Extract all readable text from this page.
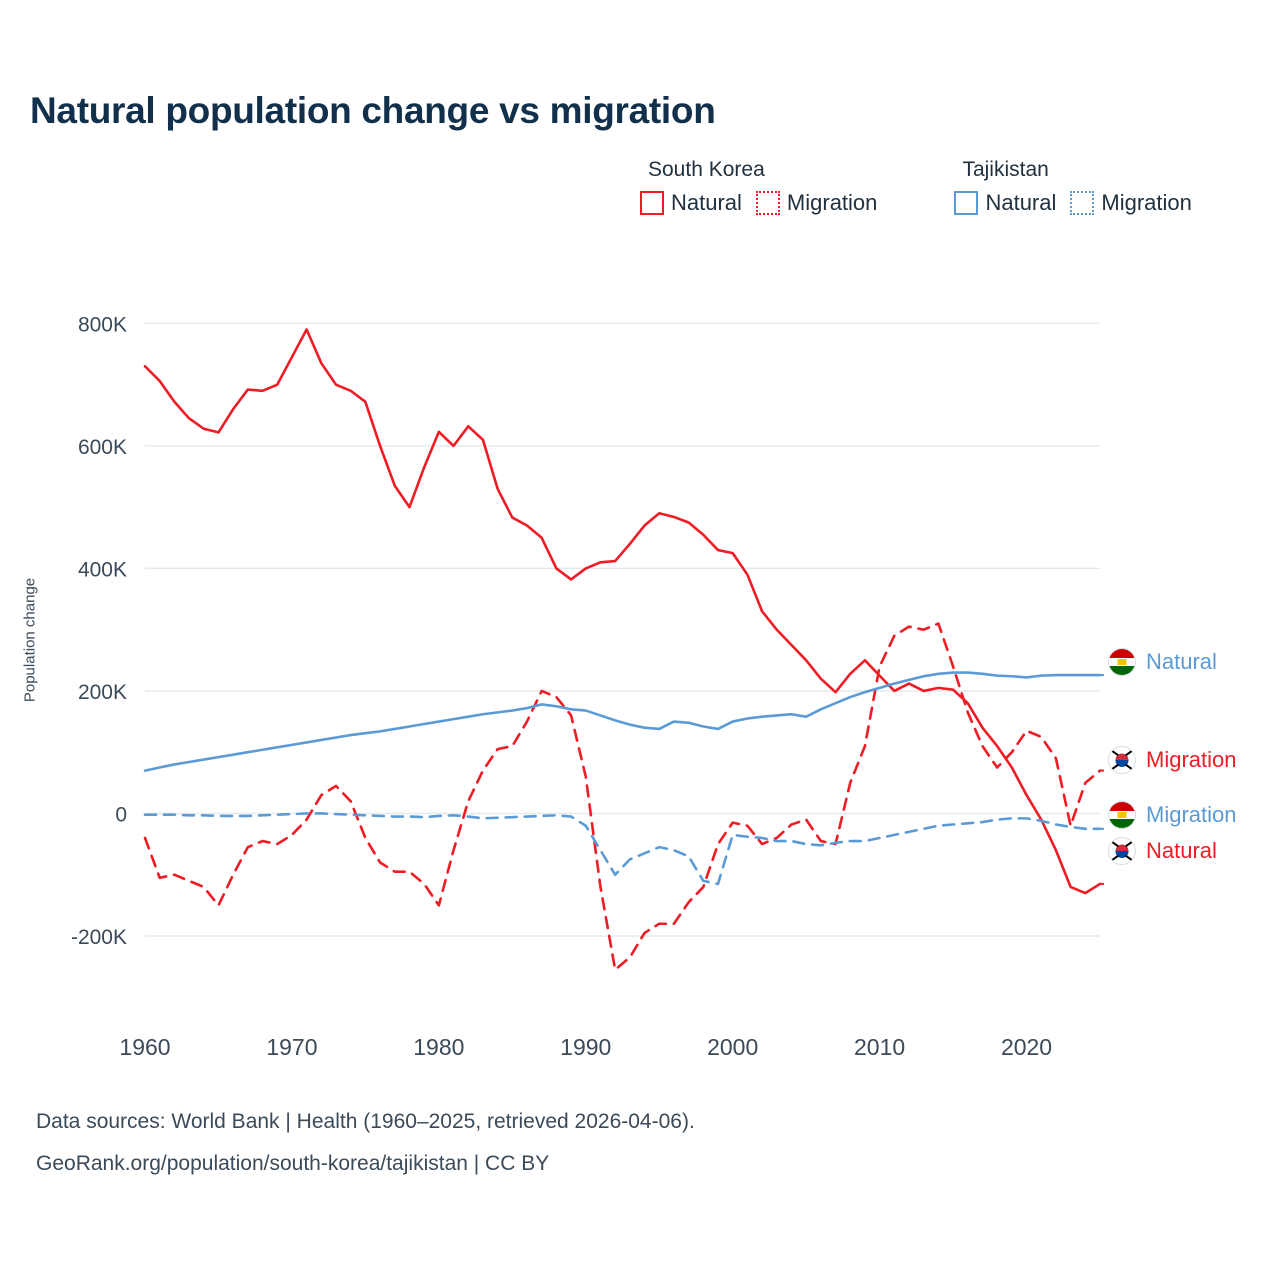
Natural population change vs migration
South Korea
Natural Migration

Tajikistan
Natural Migration
Population change
-200K
0
200K
400K
600K
800K
1960	1970	1980	1990	2000	2010	2020
Natural
Migration
Migration
Natural
Data sources: World Bank | Health (1960–2025, retrieved 2026-04-06).
GeoRank.org/population/south-korea/tajikistan | CC BY
